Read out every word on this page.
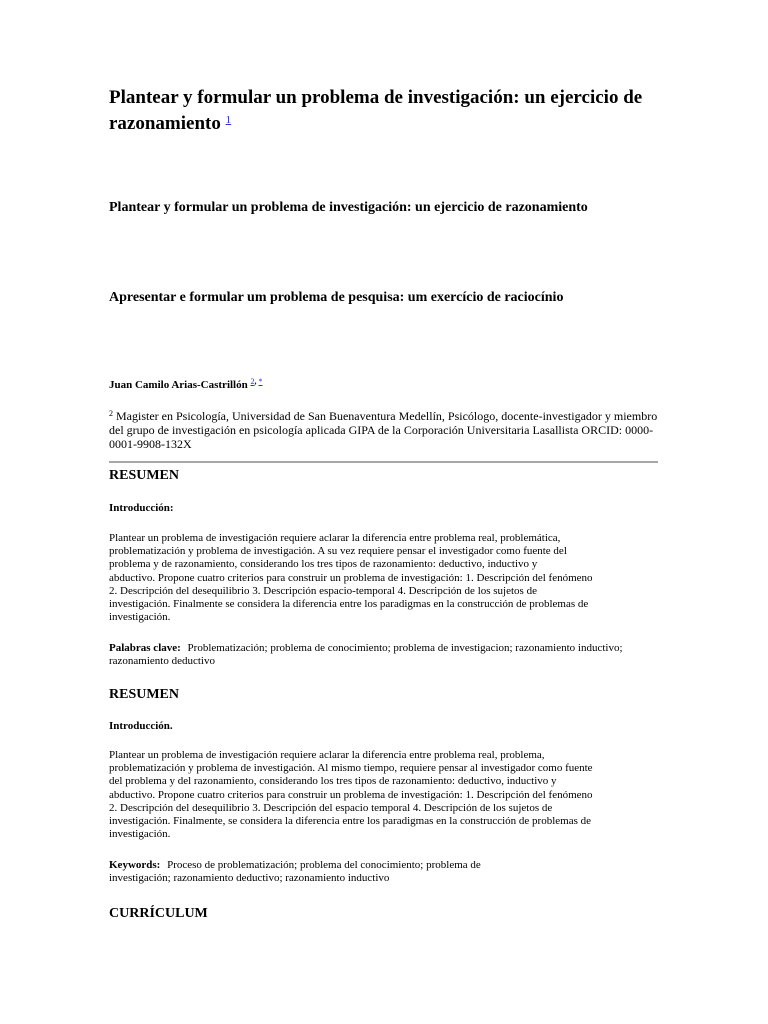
Plantear y formular un problema de investigación: un ejercicio de razonamiento $^1$

Plantear y formular un problema de investigación: un ejercicio de razonamiento

Apresentar e formular um problema de pesquisa: um exercício de raciocínio

Juan Camilo Arias-Castrillón $^{2, *}$

$^2$ Magister en Psicología, Universidad de San Buenaventura Medellín, Psicólogo, docente-investigador y miembro del grupo de investigación en psicología aplicada GIPA de la Corporación Universitaria Lasallista ORCID: 0000-0001-9908-132X

RESUMEN

Introducción:

Plantear un problema de investigación requiere aclarar la diferencia entre problema real, problemática,
problematización y problema de investigación. A su vez requiere pensar el investigador como fuente del
problema y de razonamiento, considerando los tres tipos de razonamiento: deductivo, inductivo y
abductivo. Propone cuatro criterios para construir un problema de investigación: 1. Descripción del fenómeno
2. Descripción del desequilibrio 3. Descripción espacio-temporal 4. Descripción de los sujetos de
investigación. Finalmente se considera la diferencia entre los paradigmas en la construcción de problemas de
investigación.

Palabras clave: Problematización; problema de conocimiento; problema de investigacion; razonamiento inductivo; razonamiento deductivo

RESUMEN

Introducción.

Plantear un problema de investigación requiere aclarar la diferencia entre problema real, problema,
problematización y problema de investigación. Al mismo tiempo, requiere pensar al investigador como fuente
del problema y del razonamiento, considerando los tres tipos de razonamiento: deductivo, inductivo y
abductivo. Propone cuatro criterios para construir un problema de investigación: 1. Descripción del fenómeno
2. Descripción del desequilibrio 3. Descripción del espacio temporal 4. Descripción de los sujetos de
investigación. Finalmente, se considera la diferencia entre los paradigmas en la construcción de problemas de
investigación.

Keywords: Proceso de problematización; problema del conocimiento; problema de investigación; razonamiento deductivo; razonamiento inductivo

CURRÍCULUM
